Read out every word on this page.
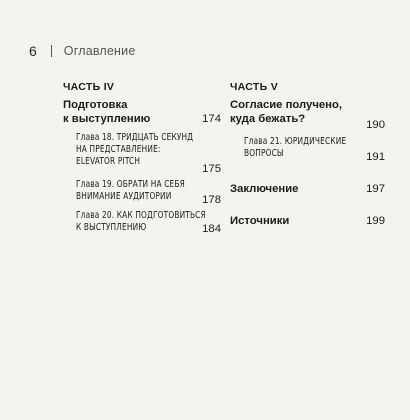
6 Оглавление
ЧАСТЬ IV
Подготовка
к выступлению	174
Глава 18. ТРИДЦАТЬ СЕКУНД
НА ПРЕДСТАВЛЕНИЕ:
ELEVATOR PITCH
175
Глава 19. ОБРАТИ НА СЕБЯ
ВНИМАНИЕ АУДИТОРИИ	178
Глава 20. КАК ПОДГОТОВИТЬСЯ
К ВЫСТУПЛЕНИЮ	184
ЧАСТЬ V
Согласие получено,
куда бежать?	190
Глава 21. ЮРИДИЧЕСКИЕ
ВОПРОСЫ	191
Заключение	197
Источники	199
